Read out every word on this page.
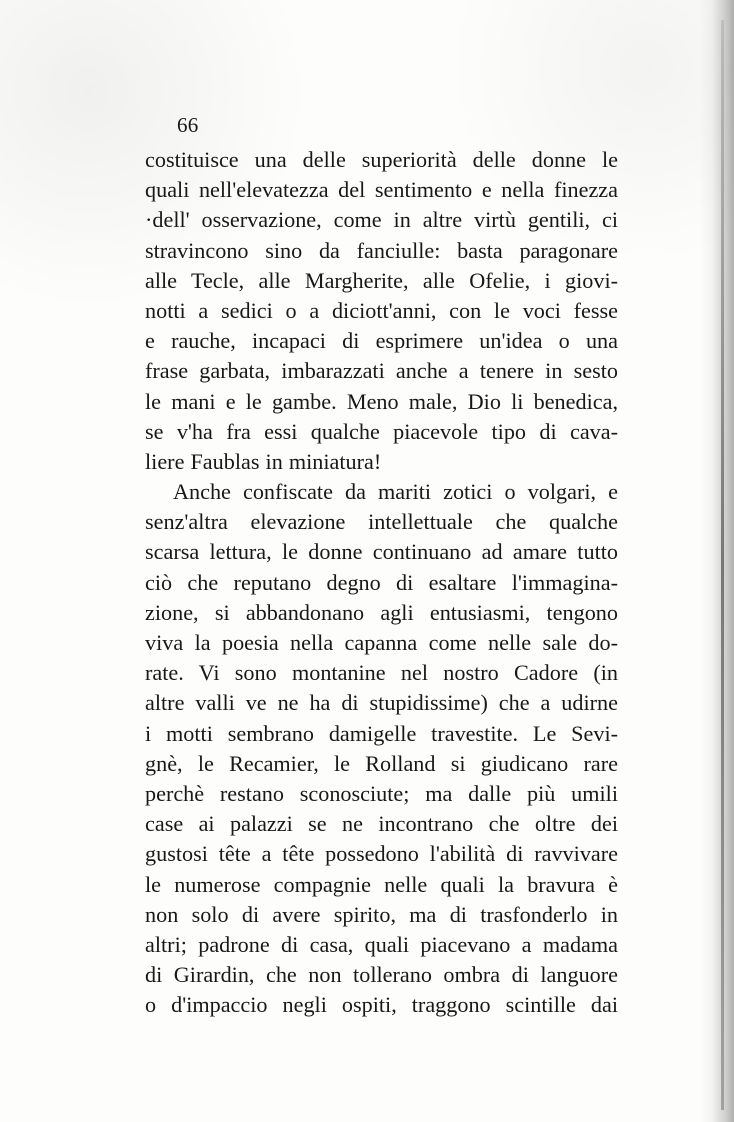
66
costituisce una delle superiorità delle donne le
quali nell'elevatezza del sentimento e nella finezza
·dell' osservazione, come in altre virtù gentili, ci
stravincono sino da fanciulle: basta paragonare
alle Tecle, alle Margherite, alle Ofelie, i giovi-
notti a sedici o a diciott'anni, con le voci fesse
e rauche, incapaci di esprimere un'idea o una
frase garbata, imbarazzati anche a tenere in sesto
le mani e le gambe. Meno male, Dio li benedica,
se v'ha fra essi qualche piacevole tipo di cava-
liere Faublas in miniatura!
Anche confiscate da mariti zotici o volgari, e
senz'altra elevazione intellettuale che qualche
scarsa lettura, le donne continuano ad amare tutto
ciò che reputano degno di esaltare l'immagina-
zione, si abbandonano agli entusiasmi, tengono
viva la poesia nella capanna come nelle sale do-
rate. Vi sono montanine nel nostro Cadore (in
altre valli ve ne ha di stupidissime) che a udirne
i motti sembrano damigelle travestite. Le Sevi-
gnè, le Recamier, le Rolland si giudicano rare
perchè restano sconosciute; ma dalle più umili
case ai palazzi se ne incontrano che oltre dei
gustosi tête a tête possedono l'abilità di ravvivare
le numerose compagnie nelle quali la bravura è
non solo di avere spirito, ma di trasfonderlo in
altri; padrone di casa, quali piacevano a madama
di Girardin, che non tollerano ombra di languore
o d'impaccio negli ospiti, traggono scintille dai
